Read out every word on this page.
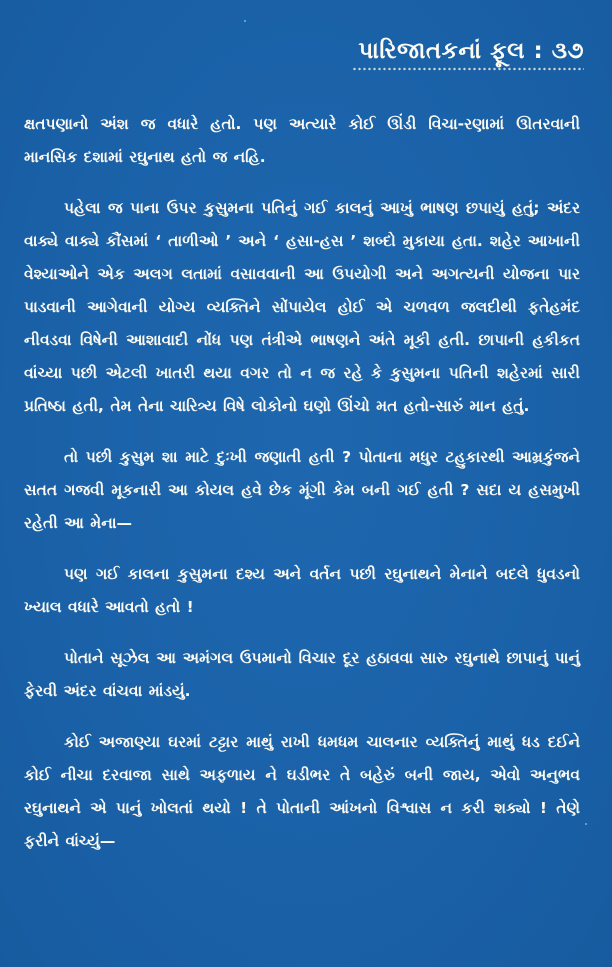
પારિજાતકનાં ફૂલ : ૩૭

ક્ષતપણાનો અંશ જ વધારે હતો. પણ અત્યારે કોઈ ઊંડી વિચા-રણામાં ઊતરવાની માનસિક દશામાં રઘુનાથ હતો જ નહિ.

પહેલા જ પાના ઉપર કુસુમના પતિનું ગઈ કાલનું આખું ભાષણ છપાયું હતું; અંદર વાક્યે વાક્યે કૌંસમાં ‘ તાળીઓ ’ અને ‘ હસા-હસ ’ શબ્દો મુકાયા હતા. શહેર આખાની વેશ્યાઓને એક અલગ લતામાં વસાવવાની આ ઉપયોગી અને અગત્યની યોજના પાર પાડવાની આગેવાની યોગ્ય વ્યક્તિને સોંપાયેલ હોઈ એ ચળવળ જલદીથી ફતેહમંદ નીવડવા વિષેની આશાવાદી નોંધ પણ તંત્રીએ ભાષણને અંતે મૂકી હતી. છાપાની હકીકત વાંચ્યા પછી એટલી ખાતરી થયા વગર તો ન જ રહે કે કુસુમના પતિની શહેરમાં સારી પ્રતિષ્ઠા હતી, તેમ તેના ચારિત્ર્ય વિષે લોકોનો ઘણો ઊંચો મત હતો-સારું માન હતું.

તો પછી કુસુમ શા માટે દુઃખી જણાતી હતી ? પોતાના મધુર ટહુકારથી આમ્રકુંજને સતત ગજવી મૂકનારી આ કોયલ હવે છેક મૂંગી કેમ બની ગઈ હતી ? સદા ય હસમુખી રહેતી આ મેના—

પણ ગઈ કાલના કુસુમના દશ્ય અને વર્તન પછી રઘુનાથને મેનાને બદલે ધુવડનો ખ્યાલ વધારે આવતો હતો !

પોતાને સૂઝેલ આ અમંગલ ઉપમાનો વિચાર દૂર હઠાવવા સારુ રઘુનાથે છાપાનું પાનું ફેરવી અંદર વાંચવા માંડયું.

કોઈ અજાણ્યા ઘરમાં ટટ્ટાર માથું રાખી ધમધમ ચાલનાર વ્યક્તિનું માથું ધડ દઈને કોઈ નીચા દરવાજા સાથે અફળાય ને ઘડીભર તે બહેરું બની જાય, એવો અનુભવ રઘુનાથને એ પાનું ખોલતાં થયો ! તે પોતાની આંખનો વિશ્વાસ ન કરી શક્યો ! તેણે ફરીને વાંચ્યું—
